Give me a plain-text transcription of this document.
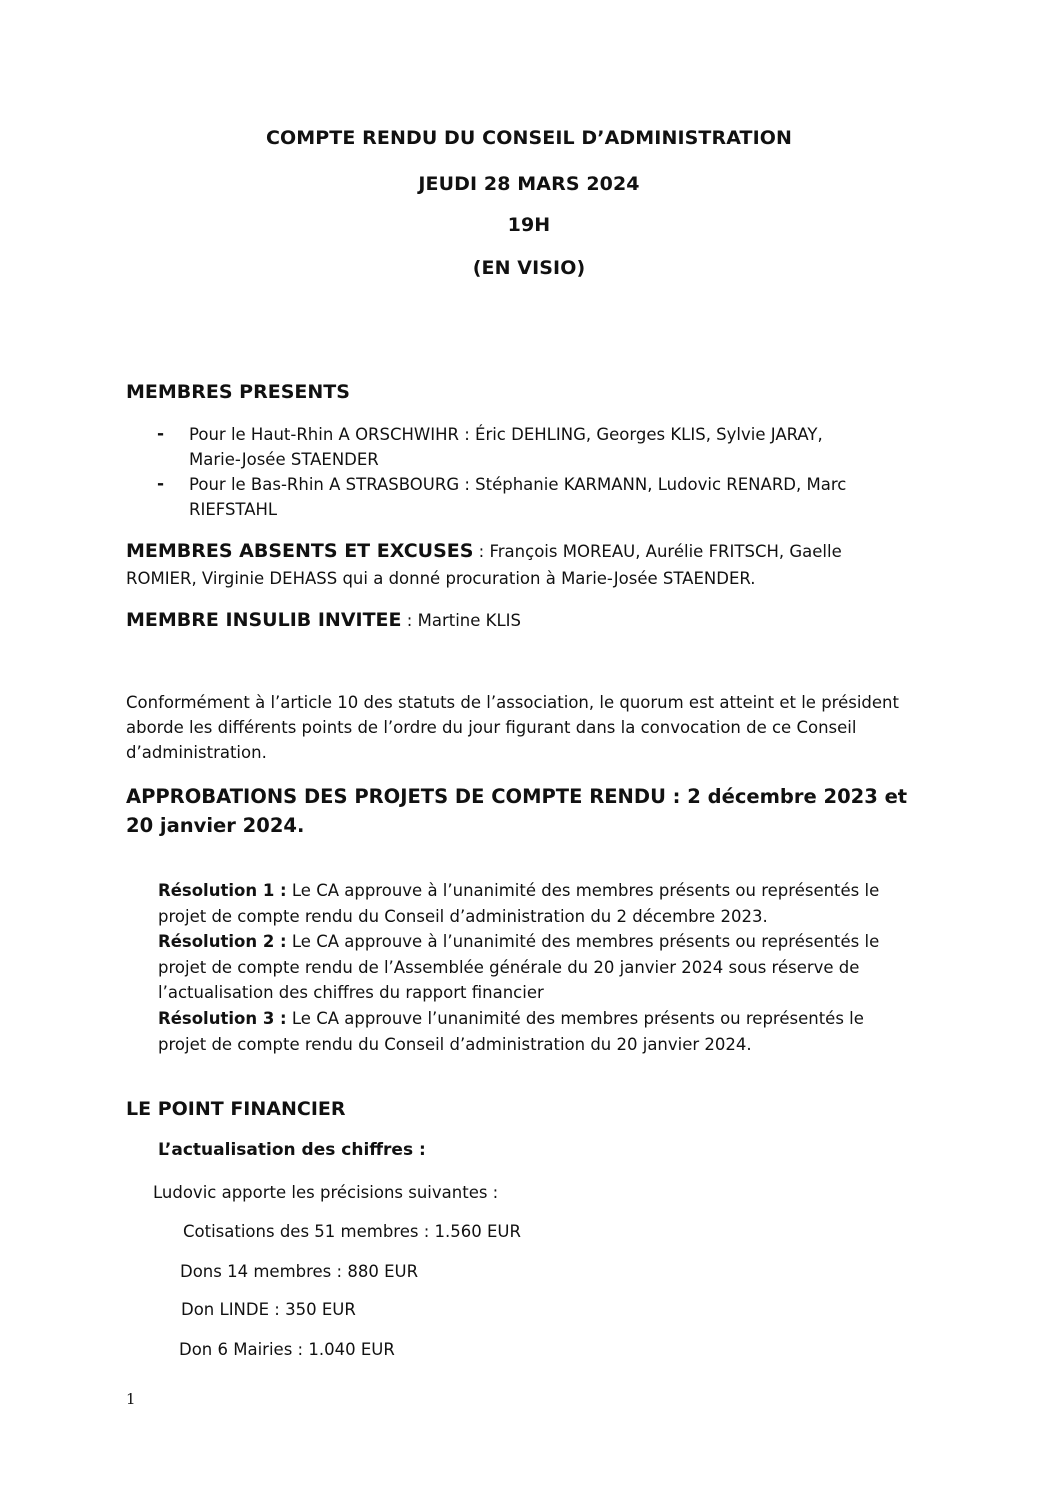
COMPTE RENDU DU CONSEIL D’ADMINISTRATION
JEUDI 28 MARS 2024
19H
(EN VISIO)
MEMBRES PRESENTS
- Pour le Haut-Rhin A ORSCHWIHR : Éric DEHLING, Georges KLIS, Sylvie JARAY,
Marie-Josée STAENDER
- Pour le Bas-Rhin A STRASBOURG : Stéphanie KARMANN, Ludovic RENARD, Marc
RIEFSTAHL
MEMBRES ABSENTS ET EXCUSES : François MOREAU, Aurélie FRITSCH, Gaelle
ROMIER, Virginie DEHASS qui a donné procuration à Marie-Josée STAENDER.
MEMBRE INSULIB INVITEE : Martine KLIS
Conformément à l’article 10 des statuts de l’association, le quorum est atteint et le président
aborde les différents points de l’ordre du jour figurant dans la convocation de ce Conseil
d’administration.
APPROBATIONS DES PROJETS DE COMPTE RENDU : 2 décembre 2023 et
20 janvier 2024.
Résolution 1 : Le CA approuve à l’unanimité des membres présents ou représentés le
projet de compte rendu du Conseil d’administration du 2 décembre 2023.
Résolution 2 : Le CA approuve à l’unanimité des membres présents ou représentés le
projet de compte rendu de l’Assemblée générale du 20 janvier 2024 sous réserve de
l’actualisation des chiffres du rapport financier
Résolution 3 : Le CA approuve l’unanimité des membres présents ou représentés le
projet de compte rendu du Conseil d’administration du 20 janvier 2024.
LE POINT FINANCIER
L’actualisation des chiffres :
Ludovic apporte les précisions suivantes :
Cotisations des 51 membres : 1.560 EUR
Dons 14 membres : 880 EUR
Don LINDE : 350 EUR
Don 6 Mairies : 1.040 EUR
1
